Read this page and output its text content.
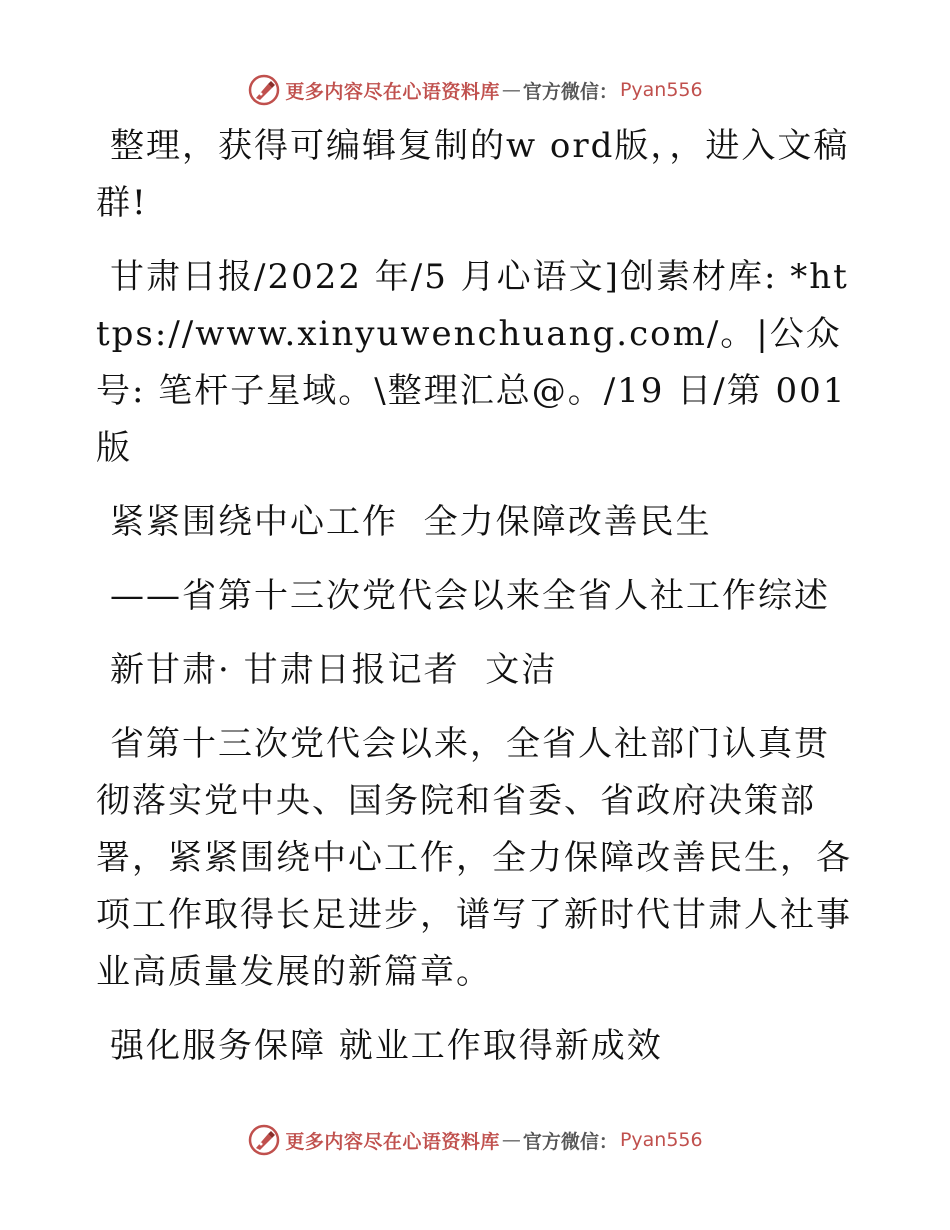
更多内容尽在心语资料库 — 官方微信： Pyan556

整理，获得可编辑复制的w ord版，，进入文稿群!

甘肃日报/2022 年/5 月心语文]创素材库: *https://www.xinyuwenchuang.com/。|公众号: 笔杆子星域。\整理汇总@。/19 日/第 001 版

紧紧围绕中心工作  全力保障改善民生

——省第十三次党代会以来全省人社工作综述

新甘肃· 甘肃日报记者  文洁

省第十三次党代会以来，全省人社部门认真贯彻落实党中央、国务院和省委、省政府决策部署，紧紧围绕中心工作，全力保障改善民生，各项工作取得长足进步，谱写了新时代甘肃人社事业高质量发展的新篇章。

强化服务保障 就业工作取得新成效

更多内容尽在心语资料库 — 官方微信： Pyan556
